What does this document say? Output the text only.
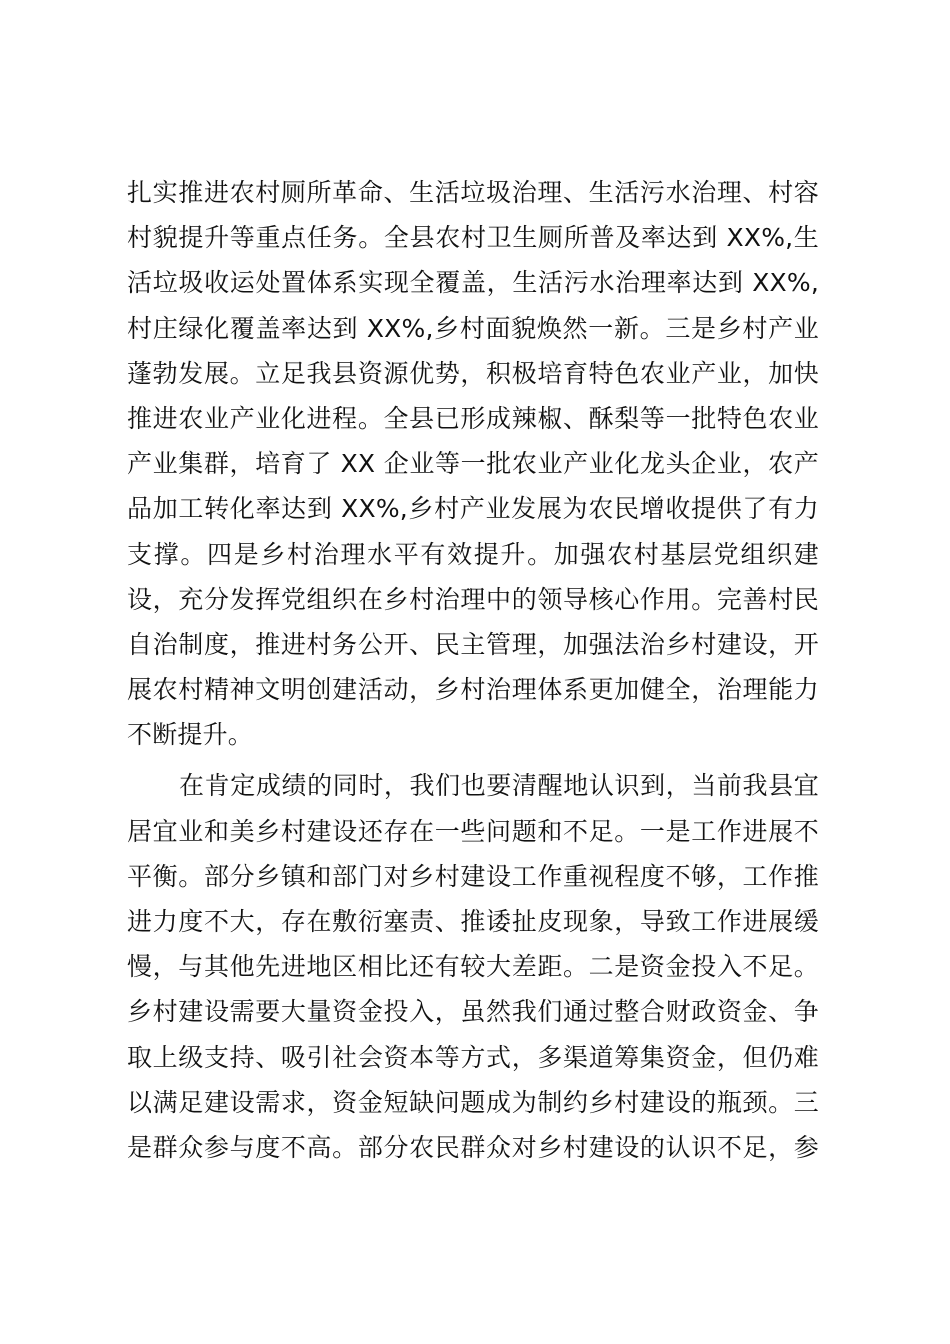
扎实推进农村厕所革命、生活垃圾治理、生活污水治理、村容
村貌提升等重点任务。全县农村卫生厕所普及率达到 XX%,生
活垃圾收运处置体系实现全覆盖，生活污水治理率达到 XX%,
村庄绿化覆盖率达到 XX%,乡村面貌焕然一新。三是乡村产业
蓬勃发展。立足我县资源优势，积极培育特色农业产业，加快
推进农业产业化进程。全县已形成辣椒、酥梨等一批特色农业
产业集群，培育了 XX 企业等一批农业产业化龙头企业，农产
品加工转化率达到 XX%,乡村产业发展为农民增收提供了有力
支撑。四是乡村治理水平有效提升。加强农村基层党组织建
设，充分发挥党组织在乡村治理中的领导核心作用。完善村民
自治制度，推进村务公开、民主管理，加强法治乡村建设，开
展农村精神文明创建活动，乡村治理体系更加健全，治理能力
不断提升。
在肯定成绩的同时，我们也要清醒地认识到，当前我县宜
居宜业和美乡村建设还存在一些问题和不足。一是工作进展不
平衡。部分乡镇和部门对乡村建设工作重视程度不够，工作推
进力度不大，存在敷衍塞责、推诿扯皮现象，导致工作进展缓
慢，与其他先进地区相比还有较大差距。二是资金投入不足。
乡村建设需要大量资金投入，虽然我们通过整合财政资金、争
取上级支持、吸引社会资本等方式，多渠道筹集资金，但仍难
以满足建设需求，资金短缺问题成为制约乡村建设的瓶颈。三
是群众参与度不高。部分农民群众对乡村建设的认识不足，参
